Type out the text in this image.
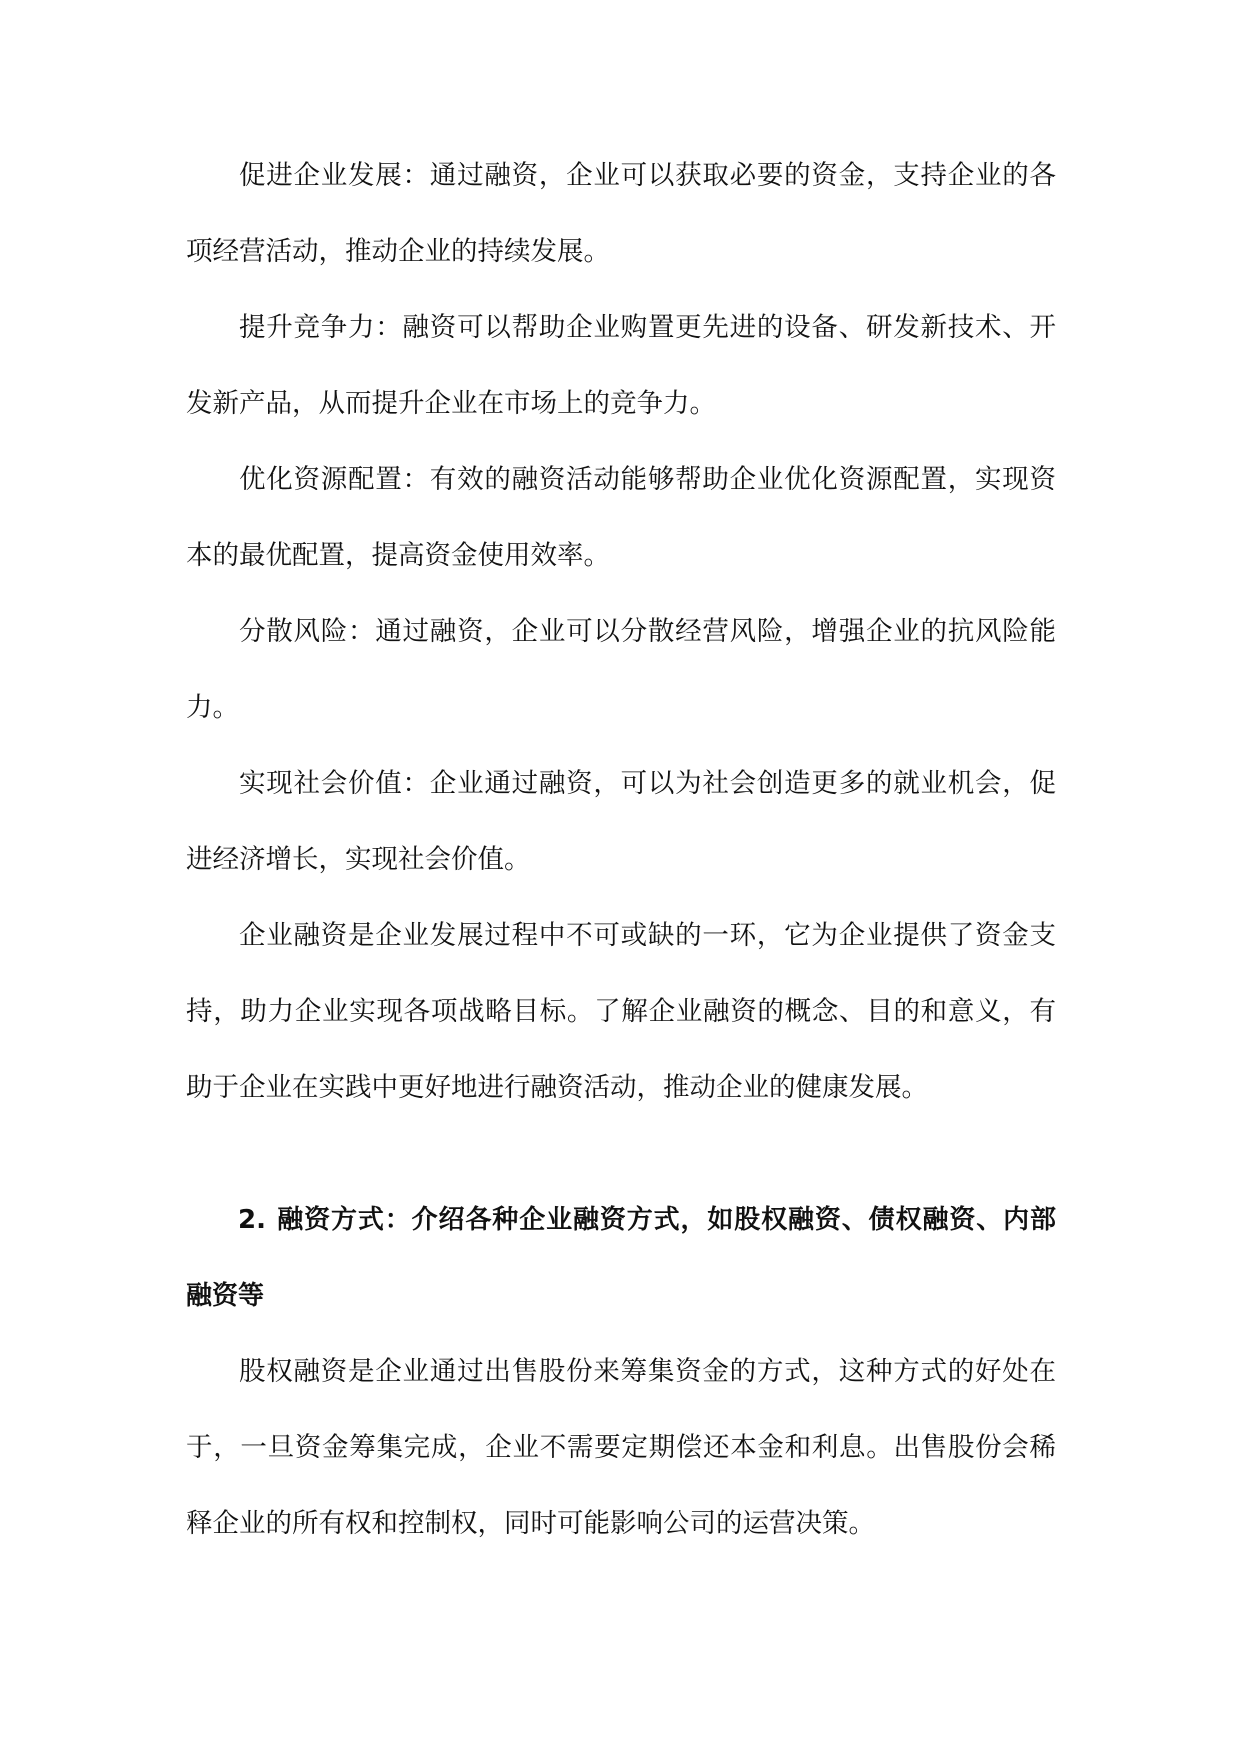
促进企业发展：通过融资，企业可以获取必要的资金，支持企业的各项经营活动，推动企业的持续发展。

提升竞争力：融资可以帮助企业购置更先进的设备、研发新技术、开发新产品，从而提升企业在市场上的竞争力。

优化资源配置：有效的融资活动能够帮助企业优化资源配置，实现资本的最优配置，提高资金使用效率。

分散风险：通过融资，企业可以分散经营风险，增强企业的抗风险能力。

实现社会价值：企业通过融资，可以为社会创造更多的就业机会，促进经济增长，实现社会价值。

企业融资是企业发展过程中不可或缺的一环，它为企业提供了资金支持，助力企业实现各项战略目标。了解企业融资的概念、目的和意义，有助于企业在实践中更好地进行融资活动，推动企业的健康发展。

2. 融资方式：介绍各种企业融资方式，如股权融资、债权融资、内部融资等

股权融资是企业通过出售股份来筹集资金的方式，这种方式的好处在于，一旦资金筹集完成，企业不需要定期偿还本金和利息。出售股份会稀释企业的所有权和控制权，同时可能影响公司的运营决策。
